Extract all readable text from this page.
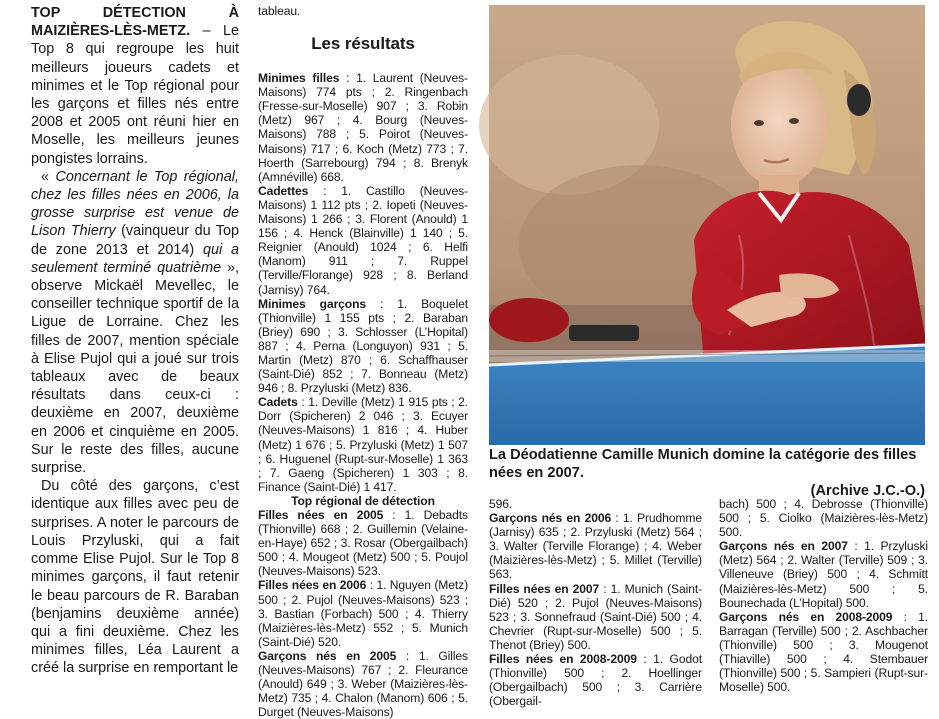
TOP DÉTECTION À MAIZIÈRES-LÈS-METZ. – Le Top 8 qui regroupe les huit meilleurs joueurs cadets et minimes et le Top régional pour les garçons et filles nés entre 2008 et 2005 ont réuni hier en Moselle, les meilleurs jeunes pongistes lorrains.

« Concernant le Top régional, chez les filles nées en 2006, la grosse surprise est venue de Lison Thierry (vainqueur du Top de zone 2013 et 2014) qui a seulement terminé quatrième », observe Mickaël Mevellec, le conseiller technique sportif de la Ligue de Lorraine. Chez les filles de 2007, mention spéciale à Elise Pujol qui a joué sur trois tableaux avec de beaux résultats dans ceux-ci : deuxième en 2007, deuxième en 2006 et cinquième en 2005. Sur le reste des filles, aucune surprise.

Du côté des garçons, c’est identique aux filles avec peu de surprises. A noter le parcours de Louis Przyluski, qui a fait comme Elise Pujol. Sur le Top 8 minimes garçons, il faut retenir le beau parcours de R. Baraban (benjamins deuxième année) qui a fini deuxième. Chez les minimes filles, Léa Laurent a créé la surprise en remportant le

tableau.

Les résultats

Minimes filles : 1. Laurent (Neuves-Maisons) 774 pts ; 2. Ringenbach (Fresse-sur-Moselle) 907 ; 3. Robin (Metz) 967 ; 4. Bourg (Neuves-Maisons) 788 ; 5. Poirot (Neuves-Maisons) 717 ; 6. Koch (Metz) 773 ; 7. Hoerth (Sarrebourg) 794 ; 8. Brenyk (Amnéville) 668.

Cadettes : 1. Castillo (Neuves-Maisons) 1 112 pts ; 2. Iopeti (Neuves-Maisons) 1 266 ; 3. Florent (Anould) 1 156 ; 4. Henck (Blainville) 1 140 ; 5. Reignier (Anould) 1024 ; 6. Helfi (Manom) 911 ; 7. Ruppel (Terville/Florange) 928 ; 8. Berland (Jarnisy) 764.

Minimes garçons : 1. Boquelet (Thionville) 1 155 pts ; 2. Baraban (Briey) 690 ; 3. Schlosser (L’Hopital) 887 ; 4. Perna (Longuyon) 931 ; 5. Martin (Metz) 870 ; 6. Schaffhauser (Saint-Dié) 852 ; 7. Bonneau (Metz) 946 ; 8. Przyluski (Metz) 836.

Cadets : 1. Deville (Metz) 1 915 pts ; 2. Dorr (Spicheren) 2 046 ; 3. Ecuyer (Neuves-Maisons) 1 816 ; 4. Huber (Metz) 1 676 ; 5. Przyluski (Metz) 1 507 ; 6. Huguenel (Rupt-sur-Moselle) 1 363 ; 7. Gaeng (Spicheren) 1 303 ; 8. Finance (Saint-Dié) 1 417.

Top régional de détection

Filles nées en 2005 : 1. Debadts (Thionville) 668 ; 2. Guillemin (Velaine-en-Haye) 652 ; 3. Rosar (Obergailbach) 500 ; 4. Mougeot (Metz) 500 ; 5. Poujol (Neuves-Maisons) 523.

Filles nées en 2006 : 1. Nguyen (Metz) 500 ; 2. Pujol (Neuves-Maisons) 523 ; 3. Bastian (Forbach) 500 ; 4. Thierry (Maizières-lès-Metz) 552 ; 5. Munich (Saint-Dié) 520.

Garçons nés en 2005 : 1. Gilles (Neuves-Maisons) 767 ; 2. Fleurance (Anould) 649 ; 3. Weber (Maizières-lès-Metz) 735 ; 4. Chalon (Manom) 606 ; 5. Durget (Neuves-Maisons)

La Déodatienne Camille Munich domine la catégorie des filles nées en 2007.
(Archive J.C.-O.)

596.

Garçons nés en 2006 : 1. Prudhomme (Jarnisy) 635 ; 2. Przyluski (Metz) 564 ; 3. Walter (Terville Florange) ; 4. Weber (Maizières-lès-Metz) ; 5. Millet (Terville) 563.

Filles nées en 2007 : 1. Munich (Saint-Dié) 520 ; 2. Pujol (Neuves-Maisons) 523 ; 3. Sonnefraud (Saint-Dié) 500 ; 4. Chevrier (Rupt-sur-Moselle) 500 ; 5. Thenot (Briey) 500.

Filles nées en 2008-2009 : 1. Godot (Thionville) 500 ; 2. Hoellinger (Obergailbach) 500 ; 3. Carrière (Obergail-

bach) 500 ; 4. Debrosse (Thionville) 500 ; 5. Ciolko (Maizières-lès-Metz) 500.

Garçons nés en 2007 : 1. Przyluski (Metz) 564 ; 2. Walter (Terville) 509 ; 3. Villeneuve (Briey) 500 ; 4. Schmitt (Maizières-lès-Metz) 500 ; 5. Bounechada (L’Hopital) 500.

Garçons nés en 2008-2009 : 1. Barragan (Terville) 500 ; 2. Aschbacher (Thionville) 500 ; 3. Mougenot (Thiaville) 500 ; 4. Stembauer (Thionville) 500 ; 5. Sampieri (Rupt-sur-Moselle) 500.
